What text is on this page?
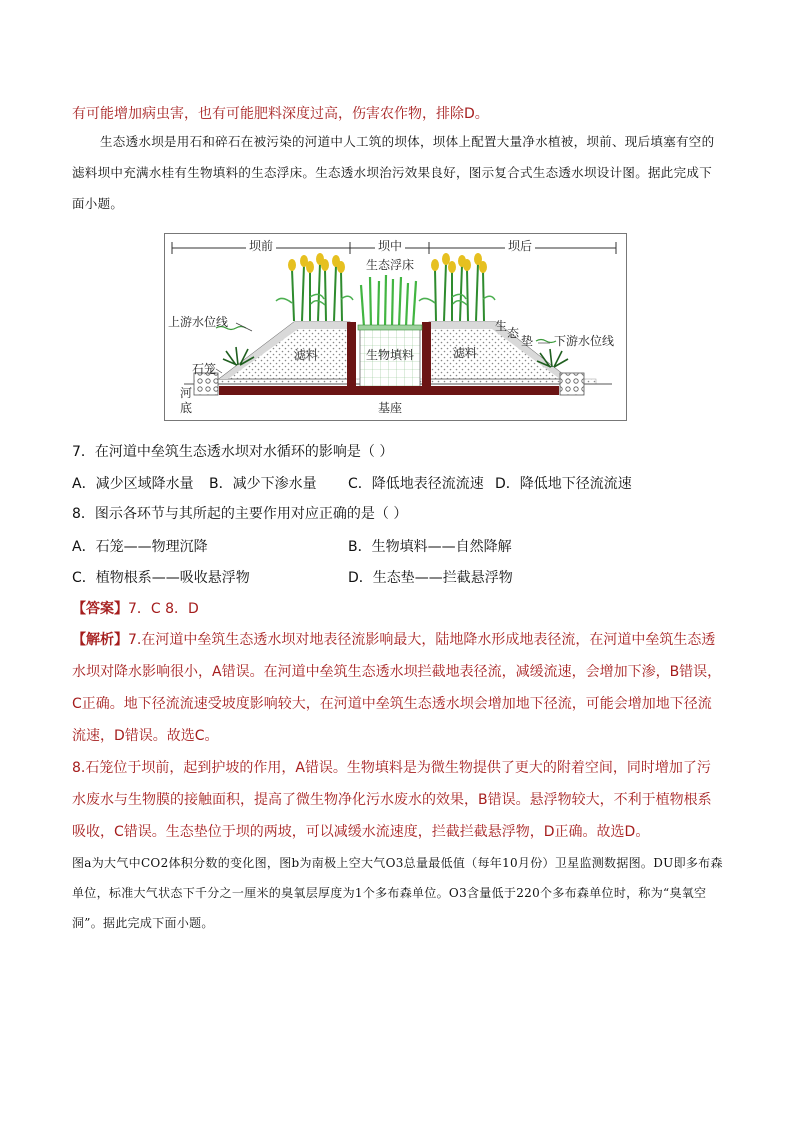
有可能增加病虫害，也有可能肥料深度过高，伤害农作物，排除D。

生态透水坝是用石和碎石在被污染的河道中人工筑的坝体，坝体上配置大量净水植被，坝前、现后填塞有空的滤料坝中充满水桂有生物填料的生态浮床。生态透水坝治污效果良好，图示复合式生态透水坝设计图。据此完成下面小题。

坝前	坝中	坝后
生态浮床
上游水位线
石笼
滤料	生物填料	滤料
生 态
垫 下游水位线
河
底	基座

7．在河道中垒筑生态透水坝对水循环的影响是（ ）

A．减少区域降水量 B．减少下渗水量 C．降低地表径流流速 D．降低地下径流流速

8．图示各环节与其所起的主要作用对应正确的是（ ）

A．石笼——物理沉降	B．生物填料——自然降解
C．植物根系——吸收悬浮物	D．生态垫——拦截悬浮物

【答案】7．C 8．D

【解析】7.在河道中垒筑生态透水坝对地表径流影响最大，陆地降水形成地表径流，在河道中垒筑生态透水坝对降水影响很小，A错误。在河道中垒筑生态透水坝拦截地表径流，减缓流速，会增加下渗，B错误，C正确。地下径流流速受坡度影响较大，在河道中垒筑生态透水坝会增加地下径流，可能会增加地下径流流速，D错误。故选C。

8.石笼位于坝前，起到护坡的作用，A错误。生物填料是为微生物提供了更大的附着空间，同时增加了污水废水与生物膜的接触面积，提高了微生物净化污水废水的效果，B错误。悬浮物较大，不利于植物根系吸收，C错误。生态垫位于坝的两坡，可以减缓水流速度，拦截拦截悬浮物，D正确。故选D。

图a为大气中CO2体积分数的变化图，图b为南极上空大气O3总量最低值（每年10月份）卫星监测数据图。DU即多布森单位，标准大气状态下千分之一厘米的臭氧层厚度为1个多布森单位。O3含量低于220个多布森单位时，称为“臭氧空洞”。据此完成下面小题。
